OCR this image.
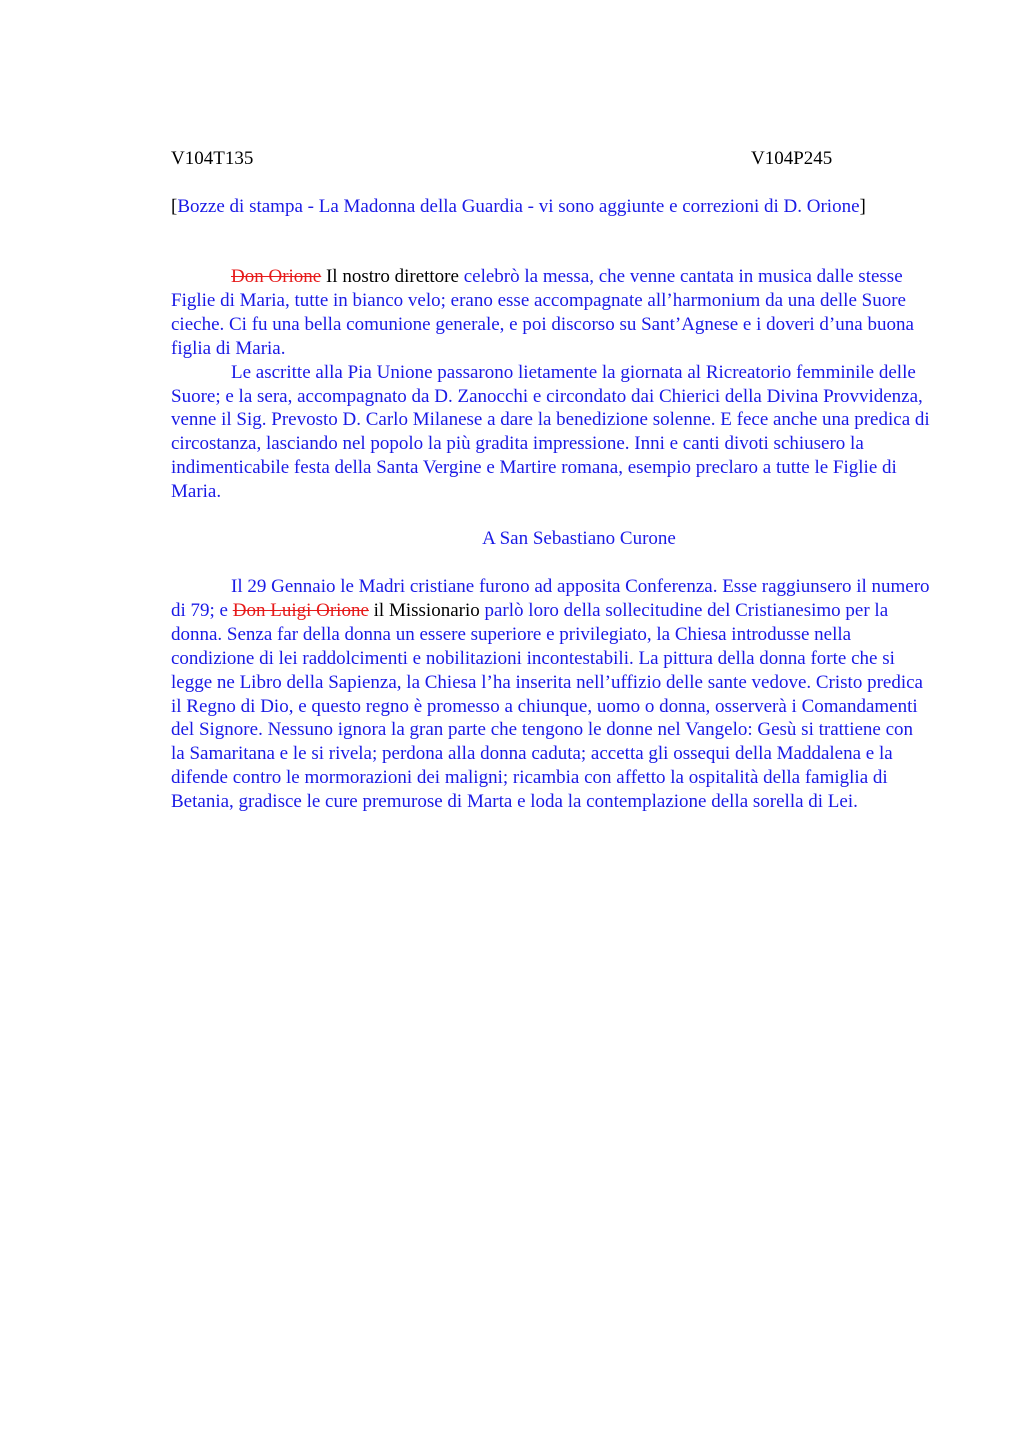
V104T135	V104P245
[Bozze di stampa - La Madonna della Guardia - vi sono aggiunte e correzioni di D. Orione]

Don Orione Il nostro direttore celebrò la messa, che venne cantata in musica dalle stesse Figlie di Maria, tutte in bianco velo; erano esse accompagnate all’harmonium da una delle Suore cieche. Ci fu una bella comunione generale, e poi discorso su Sant’Agnese e i doveri d’una buona figlia di Maria.

Le ascritte alla Pia Unione passarono lietamente la giornata al Ricreatorio femminile delle Suore; e la sera, accompagnato da D. Zanocchi e circondato dai Chierici della Divina Provvidenza, venne il Sig. Prevosto D. Carlo Milanese a dare la benedizione solenne. E fece anche una predica di circostanza, lasciando nel popolo la più gradita impressione. Inni e canti divoti schiusero la indimenticabile festa della Santa Vergine e Martire romana, esempio preclaro a tutte le Figlie di Maria.

A San Sebastiano Curone

Il 29 Gennaio le Madri cristiane furono ad apposita Conferenza. Esse raggiunsero il numero di 79; e Don Luigi Orione il Missionario parlò loro della sollecitudine del Cristianesimo per la donna. Senza far della donna un essere superiore e privilegiato, la Chiesa introdusse nella condizione di lei raddolcimenti e nobilitazioni incontestabili. La pittura della donna forte che si legge ne Libro della Sapienza, la Chiesa l’ha inserita nell’uffizio delle sante vedove. Cristo predica il Regno di Dio, e questo regno è promesso a chiunque, uomo o donna, osserverà i Comandamenti del Signore. Nessuno ignora la gran parte che tengono le donne nel Vangelo: Gesù si trattiene con la Samaritana e le si rivela; perdona alla donna caduta; accetta gli ossequi della Maddalena e la difende contro le mormorazioni dei maligni; ricambia con affetto la ospitalità della famiglia di Betania, gradisce le cure premurose di Marta e loda la contemplazione della sorella di Lei.
